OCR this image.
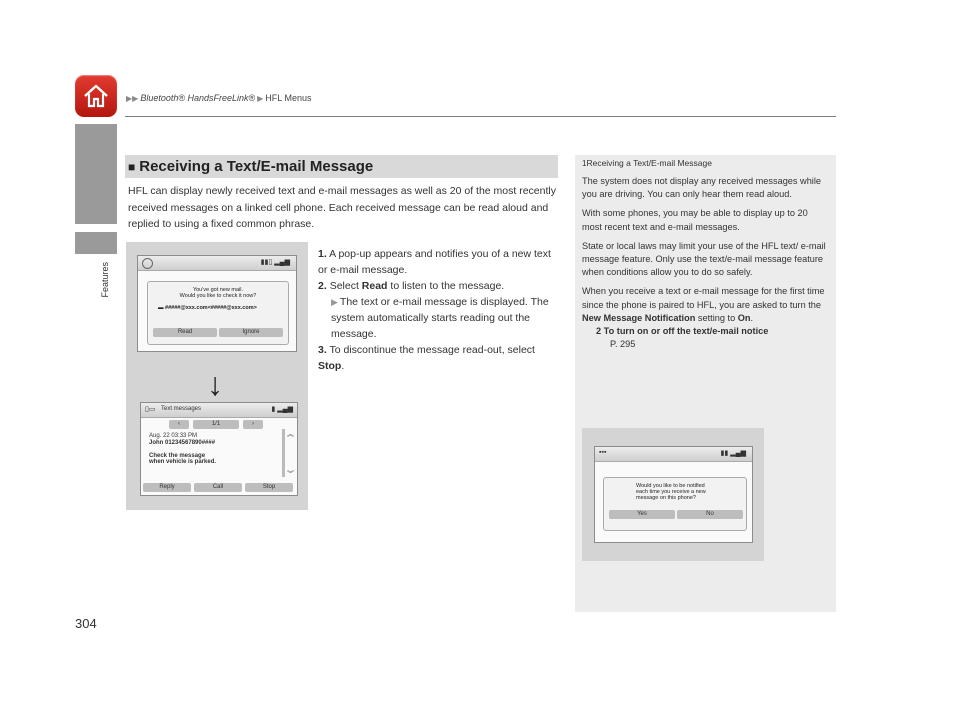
▶▶ Bluetooth® HandsFreeLink® ▶ HFL Menus
Features
304
■ Receiving a Text/E-mail Message
HFL can display newly received text and e-mail messages as well as 20 of the most recently received messages on a linked cell phone. Each received message can be read aloud and replied to using a fixed common phrase.
▮▮▯ ▂▄▆
You've got new mail.
Would you like to check it now?
▬ #####@xxx.com<#####@xxx.com>
Read	Ignore
▯▭ Text messages	▮ ▂▄▆
‹	1/1	›
Aug. 22 03:33 PM
John 01234567890####
Check the message
when vehicle is parked.
︽
︾
Reply	Call	Stop
↓
1. A pop-up appears and notifies you of a new text or e-mail message.
2. Select Read to listen to the message.
▶ The text or e-mail message is displayed. The system automatically starts reading out the message.
3. To discontinue the message read-out, select Stop.
1Receiving a Text/E-mail Message

The system does not display any received messages while you are driving. You can only hear them read aloud.

With some phones, you may be able to display up to 20 most recent text and e-mail messages.

State or local laws may limit your use of the HFL text/ e-mail message feature. Only use the text/e-mail message feature when conditions allow you to do so safely.

When you receive a text or e-mail message for the first time since the phone is paired to HFL, you are asked to turn the New Message Notification setting to On.

2 To turn on or off the text/e-mail notice
P. 295
▪▪▪	▮▮ ▂▄▆
Would you like to be notified
each time you receive a new
message on this phone?
Yes	No
